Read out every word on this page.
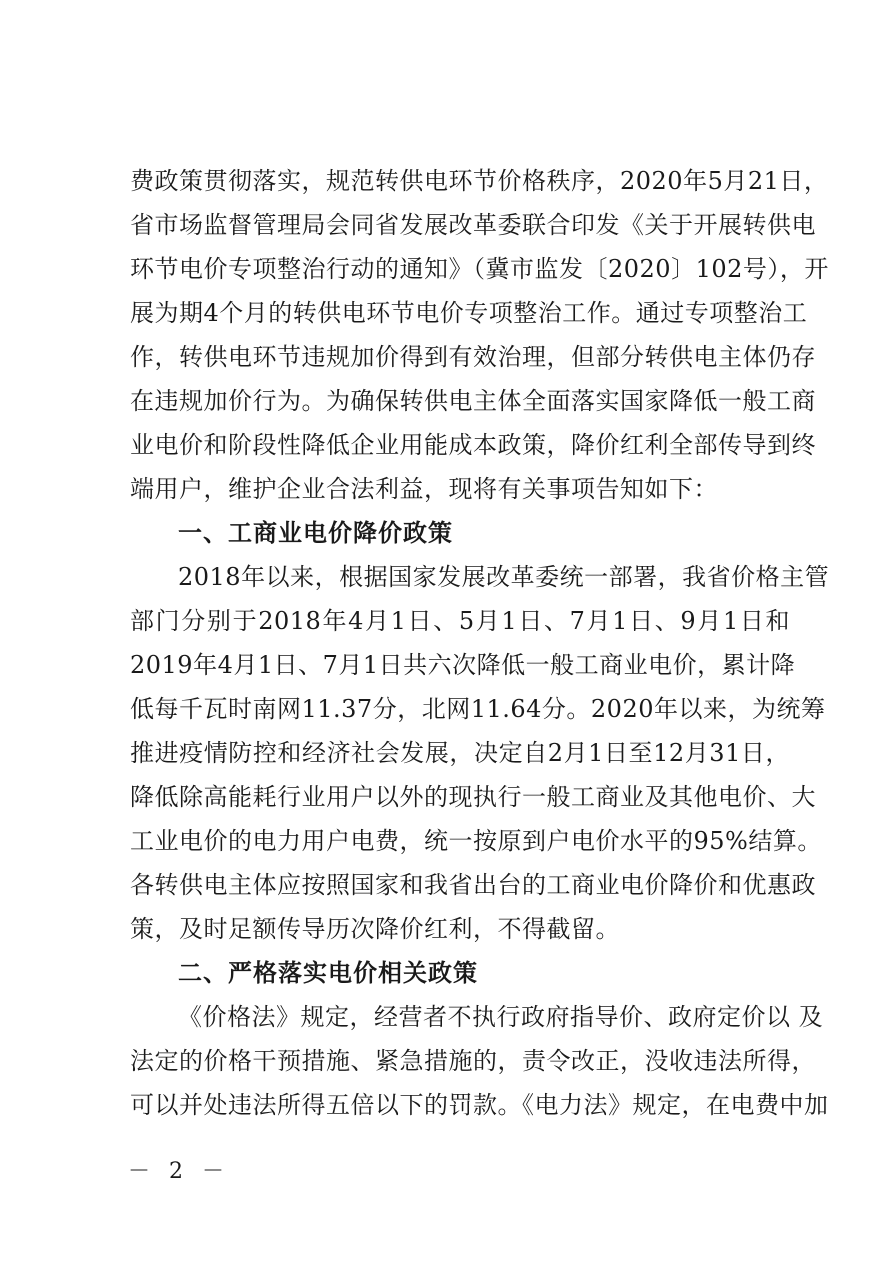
费政策贯彻落实，规范转供电环节价格秩序，2020年5月21日，
省市场监督管理局会同省发展改革委联合印发《关于开展转供电
环节电价专项整治行动的通知》（冀市监发〔2020〕102号），开
展为期4个月的转供电环节电价专项整治工作。通过专项整治工
作，转供电环节违规加价得到有效治理，但部分转供电主体仍存
在违规加价行为。为确保转供电主体全面落实国家降低一般工商
业电价和阶段性降低企业用能成本政策，降价红利全部传导到终
端用户，维护企业合法利益，现将有关事项告知如下：
一、工商业电价降价政策
2018年以来，根据国家发展改革委统一部署，我省价格主管
部门分别于2018年4月1日、5月1日、7月1日、9月1日和
2019年4月1日、7月1日共六次降低一般工商业电价，累计降
低每千瓦时南网11.37分，北网11.64分。2020年以来，为统筹
推进疫情防控和经济社会发展，决定自2月1日至12月31日，
降低除高能耗行业用户以外的现执行一般工商业及其他电价、大
工业电价的电力用户电费，统一按原到户电价水平的95%结算。
各转供电主体应按照国家和我省出台的工商业电价降价和优惠政
策，及时足额传导历次降价红利，不得截留。
二、严格落实电价相关政策
《价格法》规定，经营者不执行政府指导价、政府定价以 及
法定的价格干预措施、紧急措施的，责令改正，没收违法所得，
可以并处违法所得五倍以下的罚款。《电力法》规定，在电费中加
－ 2 －
